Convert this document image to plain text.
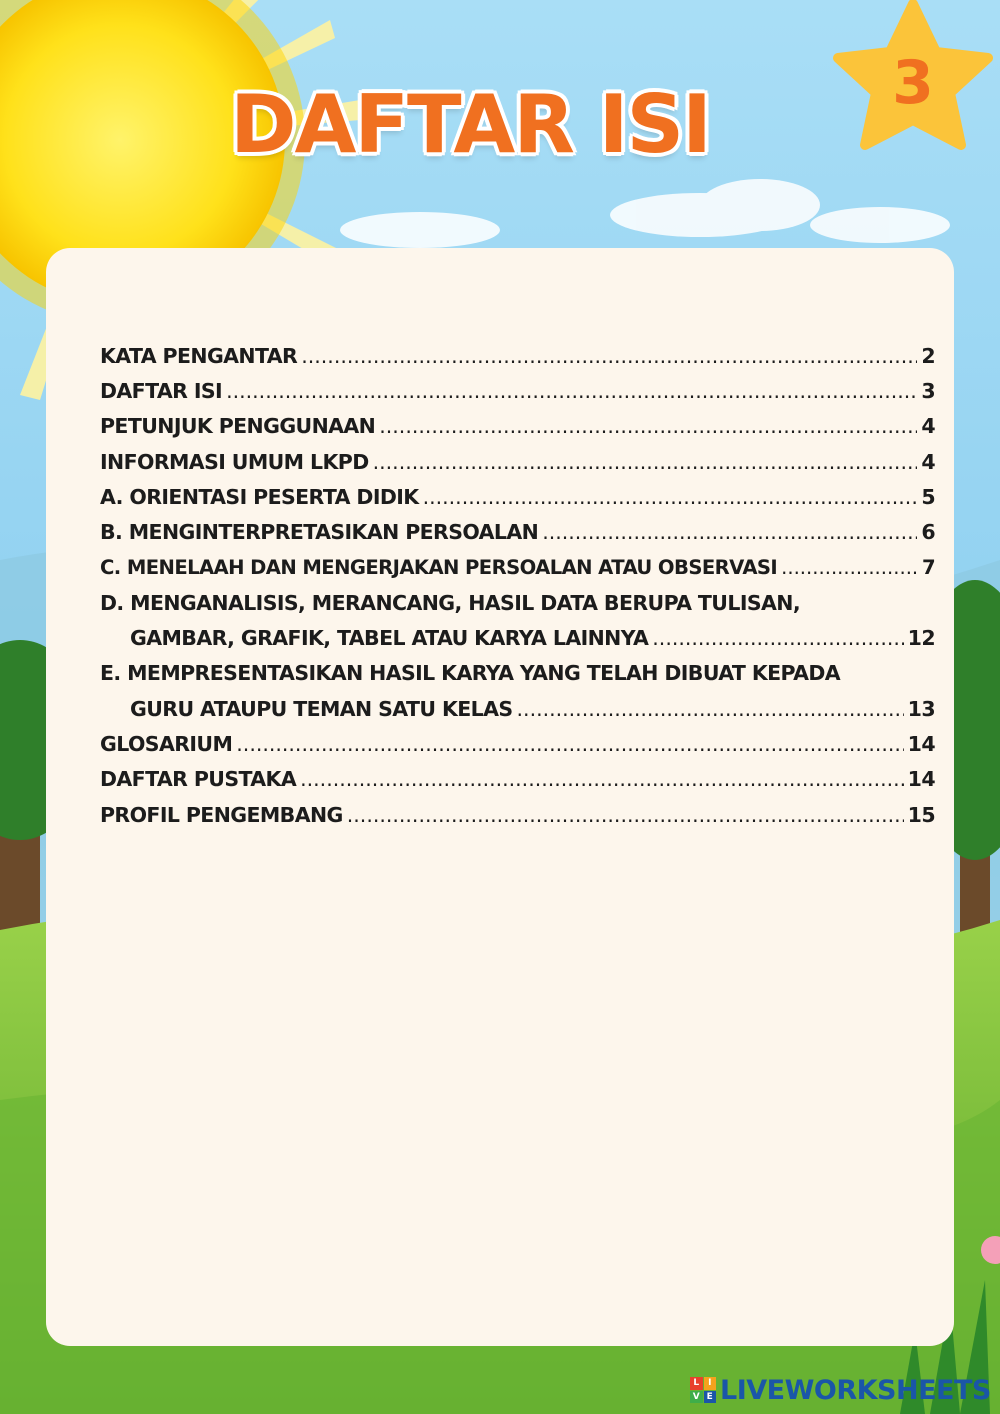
DAFTAR ISI	3
KATA PENGANTAR .....	2
DAFTAR ISI .....	3
PETUNJUK PENGGUNAAN .....	4
INFORMASI UMUM LKPD .....	4
A. ORIENTASI PESERTA DIDIK .....	5
B. MENGINTERPRETASIKAN PERSOALAN .....	6
C. MENELAAH DAN MENGERJAKAN PERSOALAN ATAU OBSERVASI .....	7
D. MENGANALISIS, MERANCANG, HASIL DATA BERUPA TULISAN,
GAMBAR, GRAFIK, TABEL ATAU KARYA LAINNYA .....	12
E. MEMPRESENTASIKAN HASIL KARYA YANG TELAH DIBUAT KEPADA
GURU ATAUPU TEMAN SATU KELAS .....	13
GLOSARIUM .....	14
DAFTAR PUSTAKA .....	14
PROFIL PENGEMBANG .....	15
L I
V E LIVEWORKSHEETS
